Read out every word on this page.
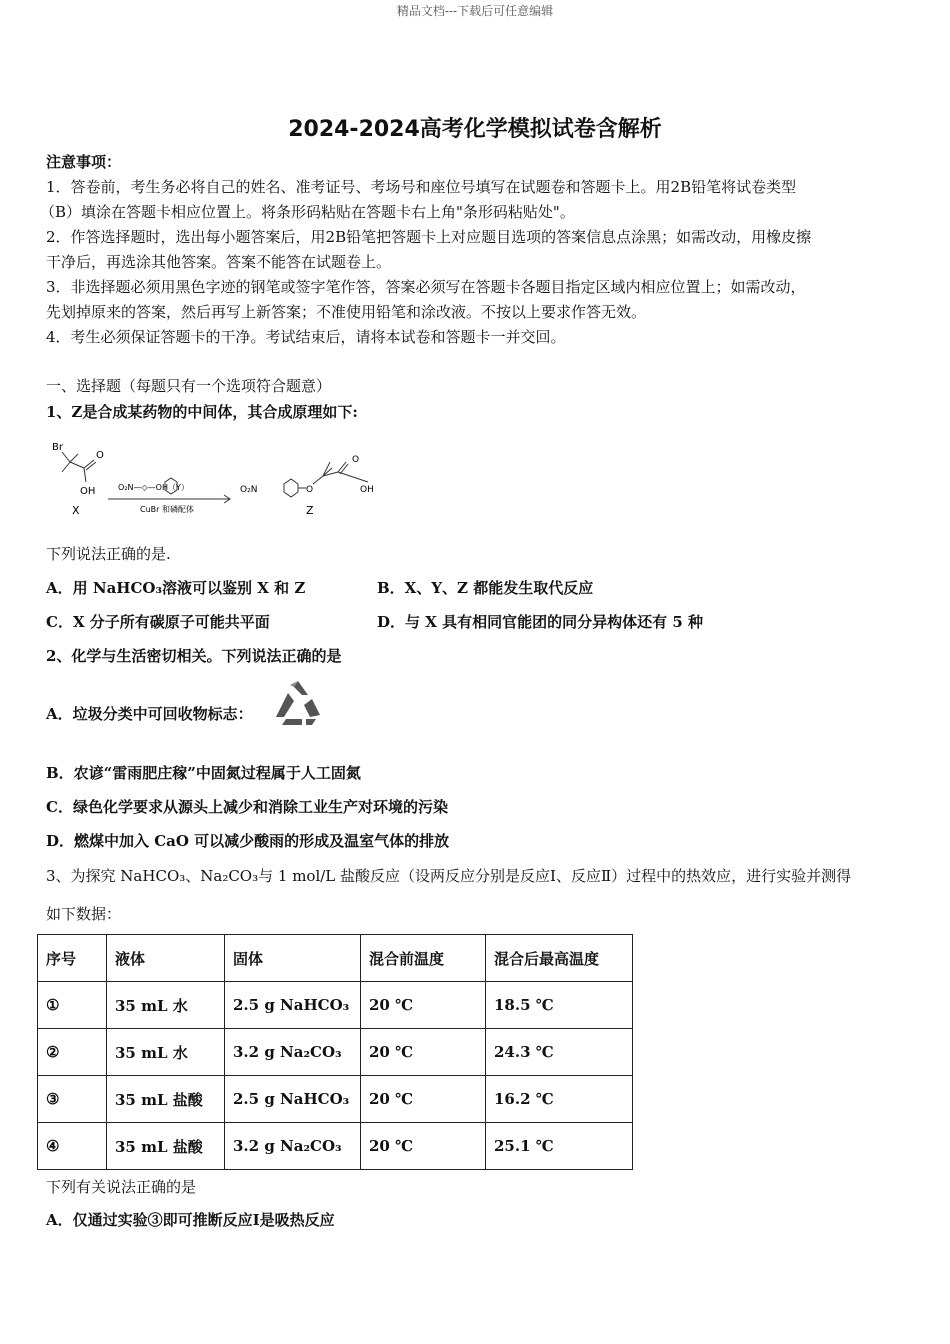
精品文档---下载后可任意编辑
2024-2024高考化学模拟试卷含解析
注意事项：
1．答卷前，考生务必将自己的姓名、准考证号、考场号和座位号填写在试题卷和答题卡上。用2B铅笔将试卷类型
（B）填涂在答题卡相应位置上。将条形码粘贴在答题卡右上角"条形码粘贴处"。
2．作答选择题时，选出每小题答案后，用2B铅笔把答题卡上对应题目选项的答案信息点涂黑；如需改动，用橡皮擦
干净后，再选涂其他答案。答案不能答在试题卷上。
3．非选择题必须用黑色字迹的钢笔或签字笔作答，答案必须写在答题卡各题目指定区域内相应位置上；如需改动，
先划掉原来的答案，然后再写上新答案；不准使用铅笔和涂改液。不按以上要求作答无效。
4．考生必须保证答题卡的干净。考试结束后，请将本试卷和答题卡一并交回。
一、选择题（每题只有一个选项符合题意）
1、Z是合成某药物的中间体，其合成原理如下:
Br
O
OH
X
O₂N—◇—OH（Y）
CuBr 和磷配体
O₂N	O
O
OH
Z
下列说法正确的是.
A．用 NaHCO₃溶液可以鉴别 X 和 Z	B．X、Y、Z 都能发生取代反应
C．X 分子所有碳原子可能共平面	D．与 X 具有相同官能团的同分异构体还有 5 种
2、化学与生活密切相关。下列说法正确的是
A．垃圾分类中可回收物标志：
B．农谚“雷雨肥庄稼”中固氮过程属于人工固氮
C．绿色化学要求从源头上减少和消除工业生产对环境的污染
D．燃煤中加入 CaO 可以减少酸雨的形成及温室气体的排放
3、为探究 NaHCO₃、Na₂CO₃与 1 mol/L 盐酸反应（设两反应分别是反应Ⅰ、反应Ⅱ）过程中的热效应，进行实验并测得
如下数据：
序号	液体	固体	混合前温度	混合后最高温度
①	35 mL 水	2.5 g NaHCO₃	20 ℃	18.5 ℃
②	35 mL 水	3.2 g Na₂CO₃	20 ℃	24.3 ℃
③	35 mL 盐酸	2.5 g NaHCO₃	20 ℃	16.2 ℃
④	35 mL 盐酸	3.2 g Na₂CO₃	20 ℃	25.1 ℃
下列有关说法正确的是
A．仅通过实验③即可推断反应Ⅰ是吸热反应
